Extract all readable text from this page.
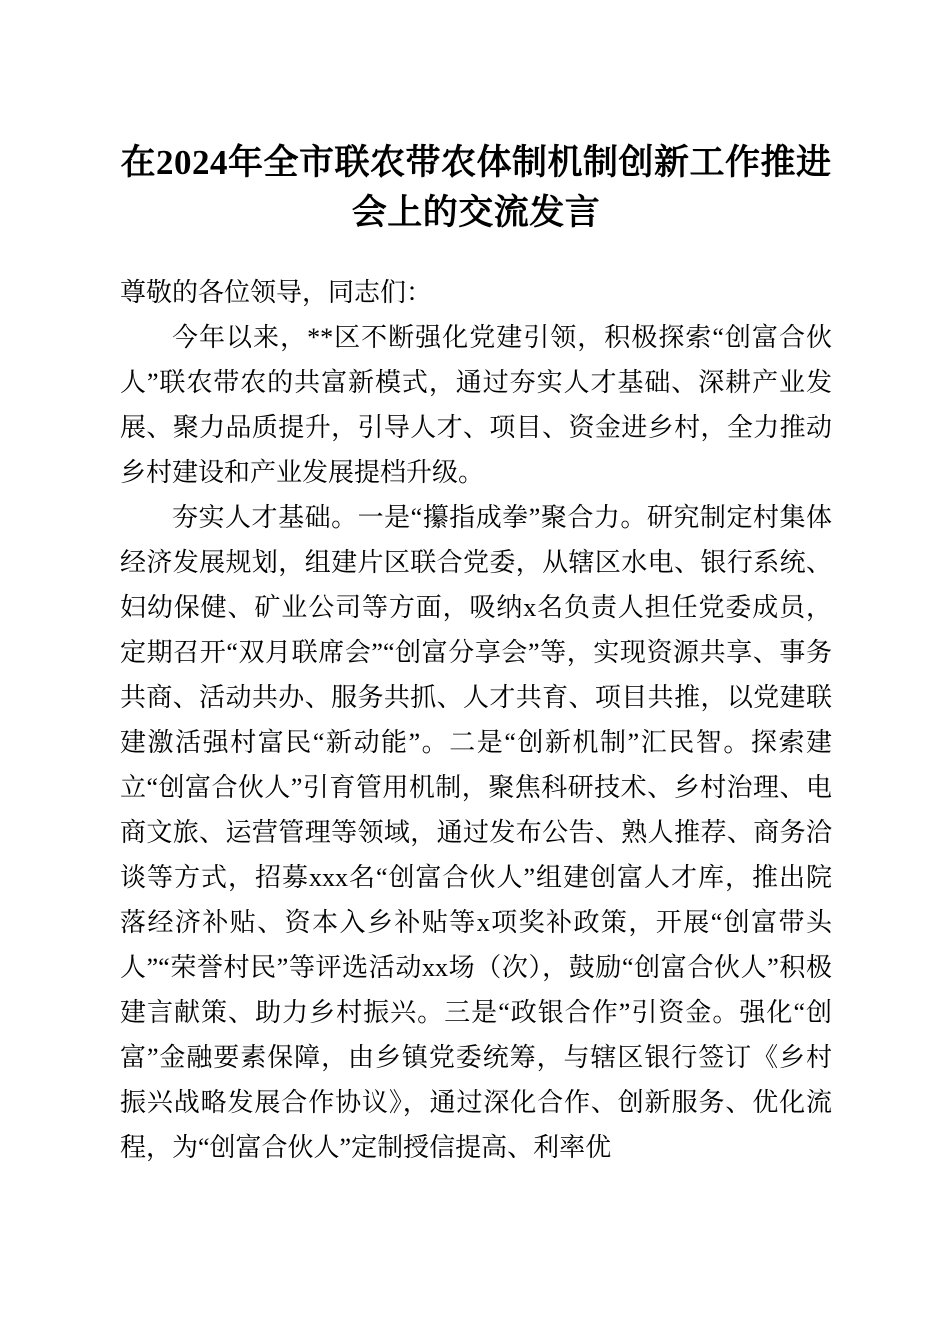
在2024年全市联农带农体制机制创新工作推进会上的交流发言

尊敬的各位领导，同志们：

今年以来，**区不断强化党建引领，积极探索“创富合伙人”联农带农的共富新模式，通过夯实人才基础、深耕产业发展、聚力品质提升，引导人才、项目、资金进乡村，全力推动乡村建设和产业发展提档升级。

夯实人才基础。一是“攥指成拳”聚合力。研究制定村集体经济发展规划，组建片区联合党委，从辖区水电、银行系统、妇幼保健、矿业公司等方面，吸纳x名负责人担任党委成员，定期召开“双月联席会”“创富分享会”等，实现资源共享、事务共商、活动共办、服务共抓、人才共育、项目共推，以党建联建激活强村富民“新动能”。二是“创新机制”汇民智。探索建立“创富合伙人”引育管用机制，聚焦科研技术、乡村治理、电商文旅、运营管理等领域，通过发布公告、熟人推荐、商务洽谈等方式，招募xxx名“创富合伙人”组建创富人才库，推出院落经济补贴、资本入乡补贴等x项奖补政策，开展“创富带头人”“荣誉村民”等评选活动xx场（次），鼓励“创富合伙人”积极建言献策、助力乡村振兴。三是“政银合作”引资金。强化“创富”金融要素保障，由乡镇党委统筹，与辖区银行签订《乡村振兴战略发展合作协议》，通过深化合作、创新服务、优化流程，为“创富合伙人”定制授信提高、利率优
